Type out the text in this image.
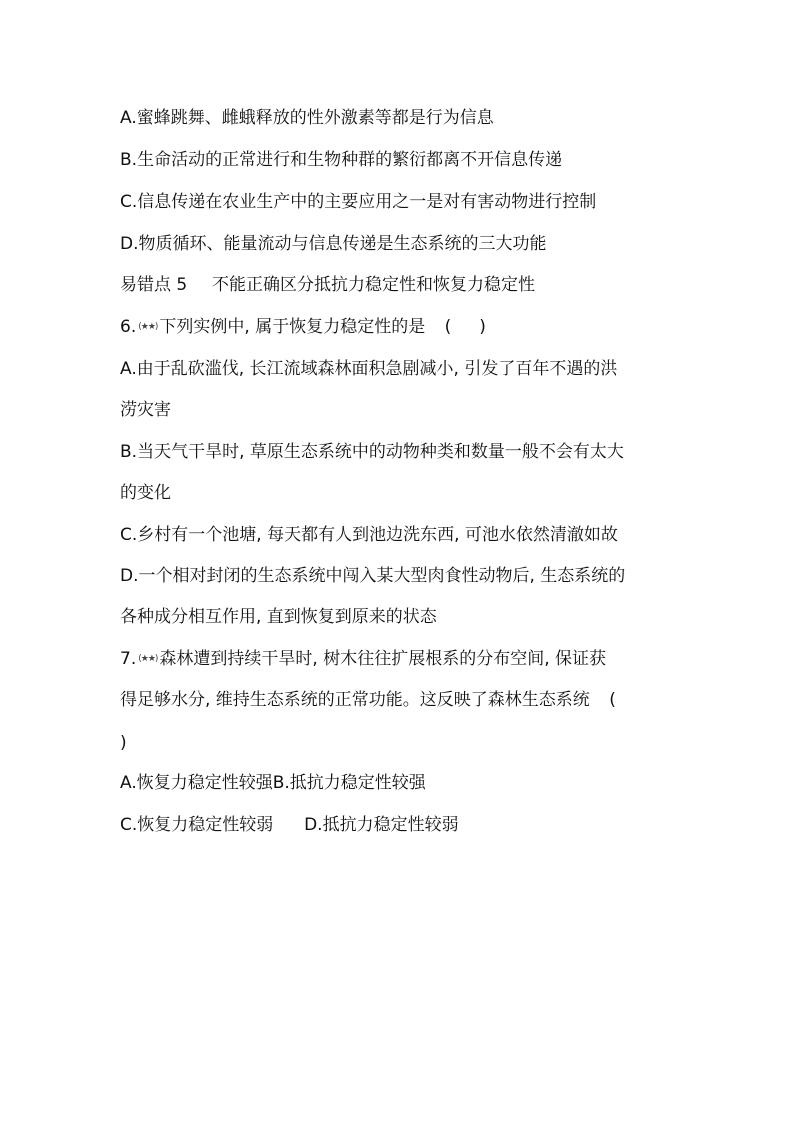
A.蜜蜂跳舞、雌蛾释放的性外激素等都是行为信息
B.生命活动的正常进行和生物种群的繁衍都离不开信息传递
C.信息传递在农业生产中的主要应用之一是对有害动物进行控制
D.物质循环、能量流动与信息传递是生态系统的三大功能
易错点 5 不能正确区分抵抗力稳定性和恢复力稳定性
6. (★★) 下列实例中, 属于恢复力稳定性的是 ( )
A.由于乱砍滥伐, 长江流域森林面积急剧减小, 引发了百年不遇的洪
涝灾害
B.当天气干旱时, 草原生态系统中的动物种类和数量一般不会有太大
的变化
C.乡村有一个池塘, 每天都有人到池边洗东西, 可池水依然清澈如故
D.一个相对封闭的生态系统中闯入某大型肉食性动物后, 生态系统的
各种成分相互作用, 直到恢复到原来的状态
7. (★★) 森林遭到持续干旱时, 树木往往扩展根系的分布空间, 保证获
得足够水分, 维持生态系统的正常功能。这反映了森林生态系统 (
)
A.恢复力稳定性较强B.抵抗力稳定性较强
C.恢复力稳定性较弱 D.抵抗力稳定性较弱
